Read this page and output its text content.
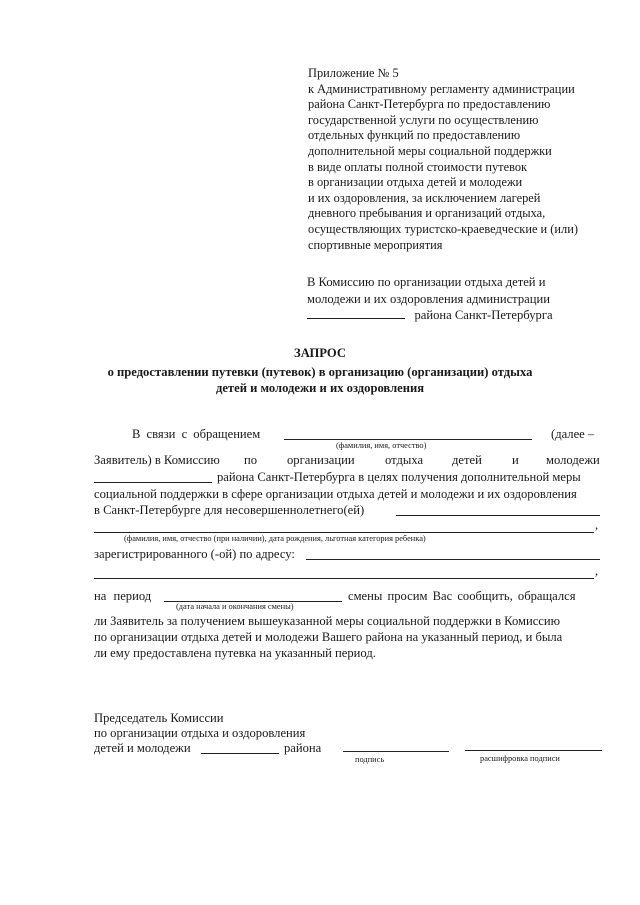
Приложение № 5
к Административному регламенту администрации
района Санкт-Петербурга по предоставлению
государственной услуги по осуществлению
отдельных функций по предоставлению
дополнительной меры социальной поддержки
в виде оплаты полной стоимости путевок
в организации отдыха детей и молодежи
и их оздоровления, за исключением лагерей
дневного пребывания и организаций отдыха,
осуществляющих туристско-краеведческие и (или)
спортивные мероприятия
В Комиссию по организации отдыха детей и
молодежи и их оздоровления администрации
района Санкт-Петербурга
ЗАПРОС
о предоставлении путевки (путевок) в организацию (организации) отдыха
детей и молодежи и их оздоровления
В связи с обращением	(далее –
(фамилия, имя, отчество)
Заявитель) в Комиссию по организации отдыха детей и молодежи
района Санкт-Петербурга в целях получения дополнительной меры
социальной поддержки в сфере организации отдыха детей и молодежи и их оздоровления
в Санкт-Петербурге для несовершеннолетнего(ей)
,
(фамилия, имя, отчество (при наличии), дата рождения, льготная категория ребенка)
зарегистрированного (-ой) по адресу:
,
на период	смены просим Вас сообщить, обращался
(дата начала и окончания смены)
ли Заявитель за получением вышеуказанной меры социальной поддержки в Комиссию
по организации отдыха детей и молодежи Вашего района на указанный период, и была
ли ему предоставлена путевка на указанный период.
Председатель Комиссии
по организации отдыха и оздоровления
детей и молодежи	района
подпись	расшифровка подписи
